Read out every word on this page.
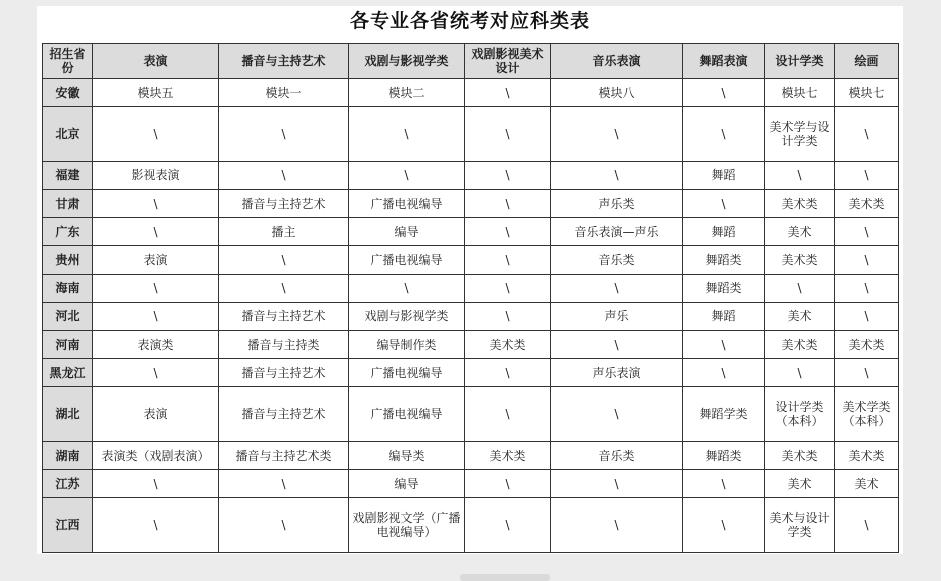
各专业各省统考对应科类表
招生省份	表演	播音与主持艺术	戏剧与影视学类	戏剧影视美术设计	音乐表演	舞蹈表演	设计学类	绘画
安徽	模块五	模块一	模块二	\	模块八	\	模块七	模块七
北京	\	\	\	\	\	\	美术学与设计学类	\
福建	影视表演	\	\	\	\	舞蹈	\	\
甘肃	\	播音与主持艺术	广播电视编导	\	声乐类	\	美术类	美术类
广东	\	播主	编导	\	音乐表演—声乐	舞蹈	美术	\
贵州	表演	\	广播电视编导	\	音乐类	舞蹈类	美术类	\
海南	\	\	\	\	\	舞蹈类	\	\
河北	\	播音与主持艺术	戏剧与影视学类	\	声乐	舞蹈	美术	\
河南	表演类	播音与主持类	编导制作类	美术类	\	\	美术类	美术类
黑龙江	\	播音与主持艺术	广播电视编导	\	声乐表演	\	\	\
湖北	表演	播音与主持艺术	广播电视编导	\	\	舞蹈学类	设计学类（本科）	美术学类（本科）
湖南	表演类（戏剧表演）	播音与主持艺术类	编导类	美术类	音乐类	舞蹈类	美术类	美术类
江苏	\	\	编导	\	\	\	美术	美术
江西	\	\	戏剧影视文学（广播电视编导）	\	\	\	美术与设计学类	\
